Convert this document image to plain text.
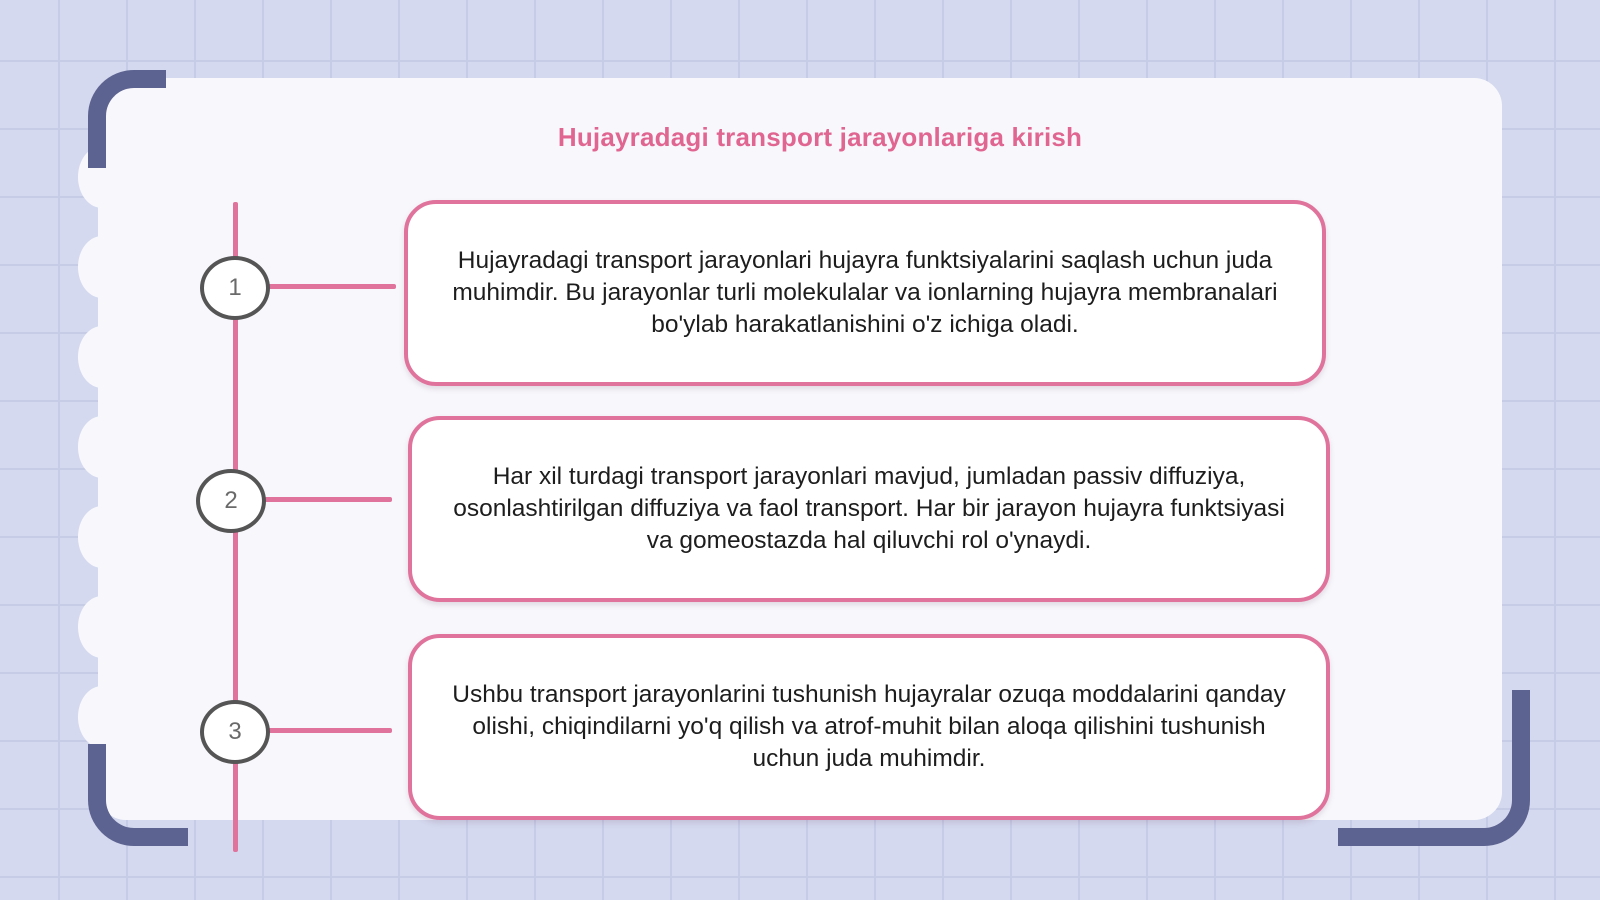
Hujayradagi transport jarayonlariga kirish
1
Hujayradagi transport jarayonlari hujayra funktsiyalarini saqlash uchun juda muhimdir. Bu jarayonlar turli molekulalar va ionlarning hujayra membranalari bo'ylab harakatlanishini o'z ichiga oladi.
2
Har xil turdagi transport jarayonlari mavjud, jumladan passiv diffuziya, osonlashtirilgan diffuziya va faol transport. Har bir jarayon hujayra funktsiyasi va gomeostazda hal qiluvchi rol o'ynaydi.
3
Ushbu transport jarayonlarini tushunish hujayralar ozuqa moddalarini qanday olishi, chiqindilarni yo'q qilish va atrof-muhit bilan aloqa qilishini tushunish uchun juda muhimdir.
